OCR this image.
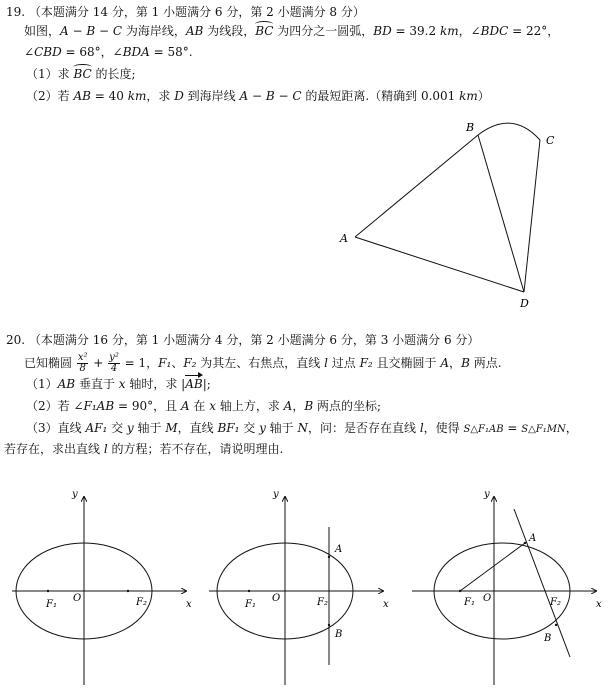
19. （本题满分 14 分，第 1 小题满分 6 分，第 2 小题满分 8 分）
如图，A − B − C 为海岸线，AB 为线段，BC 为四分之一圆弧，BD = 39.2 km，∠BDC = 22°，
∠CBD = 68°，∠BDA = 58°.
（1）求 BC 的长度;
（2）若 AB = 40 km，求 D 到海岸线 A − B − C 的最短距离.（精确到 0.001 km）
A
B
C
D
20. （本题满分 16 分，第 1 小题满分 4 分，第 2 小题满分 6 分，第 3 小题满分 6 分）
已知椭圆 $\frac{\text{x²}}{8} + \frac{\text{y²}}{4} = 1$，F₁、F₂ 为其左、右焦点，直线 l 过点 F₂ 且交椭圆于 A，B 两点.
（1）AB 垂直于 x 轴时，求 |AB|;
（2）若 ∠F₁AB = 90°，且 A 在 x 轴上方，求 A，B 两点的坐标;
（3）直线 AF₁ 交 y 轴于 M，直线 BF₁ 交 y 轴于 N，问：是否存在直线 l，使得 S△F₁AB = S△F₁MN，
若存在，求出直线 l 的方程；若不存在，请说明理由.
y
x
O
F₁	F₂
y
x
O
F₁	F₂
A
B
y
x
O
F₁	F₂
A
B
